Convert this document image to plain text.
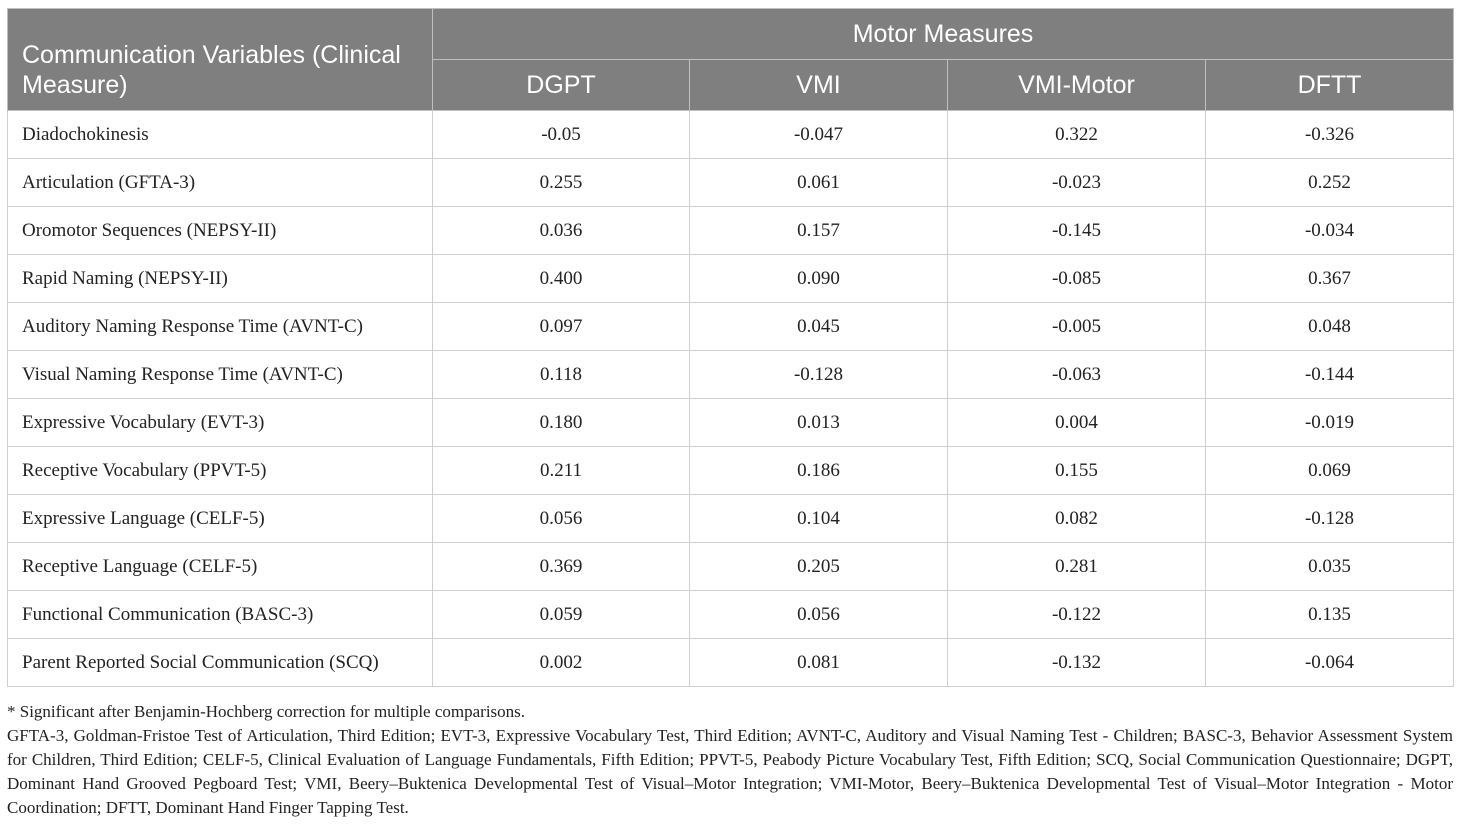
Communication Variables (Clinical Measure)	Motor Measures			
	DGPT	VMI	VMI-Motor	DFTT
Diadochokinesis	-0.05	-0.047	0.322	-0.326
Articulation (GFTA-3)	0.255	0.061	-0.023	0.252
Oromotor Sequences (NEPSY-II)	0.036	0.157	-0.145	-0.034
Rapid Naming (NEPSY-II)	0.400	0.090	-0.085	0.367
Auditory Naming Response Time (AVNT-C)	0.097	0.045	-0.005	0.048
Visual Naming Response Time (AVNT-C)	0.118	-0.128	-0.063	-0.144
Expressive Vocabulary (EVT-3)	0.180	0.013	0.004	-0.019
Receptive Vocabulary (PPVT-5)	0.211	0.186	0.155	0.069
Expressive Language (CELF-5)	0.056	0.104	0.082	-0.128
Receptive Language (CELF-5)	0.369	0.205	0.281	0.035
Functional Communication (BASC-3)	0.059	0.056	-0.122	0.135
Parent Reported Social Communication (SCQ)	0.002	0.081	-0.132	-0.064

* Significant after Benjamin-Hochberg correction for multiple comparisons.

GFTA-3, Goldman-Fristoe Test of Articulation, Third Edition; EVT-3, Expressive Vocabulary Test, Third Edition; AVNT-C, Auditory and Visual Naming Test - Children; BASC-3, Behavior Assessment System for Children, Third Edition; CELF-5, Clinical Evaluation of Language Fundamentals, Fifth Edition; PPVT-5, Peabody Picture Vocabulary Test, Fifth Edition; SCQ, Social Communication Questionnaire; DGPT, Dominant Hand Grooved Pegboard Test; VMI, Beery–Buktenica Developmental Test of Visual–Motor Integration; VMI-Motor, Beery–Buktenica Developmental Test of Visual–Motor Integration - Motor Coordination; DFTT, Dominant Hand Finger Tapping Test.
